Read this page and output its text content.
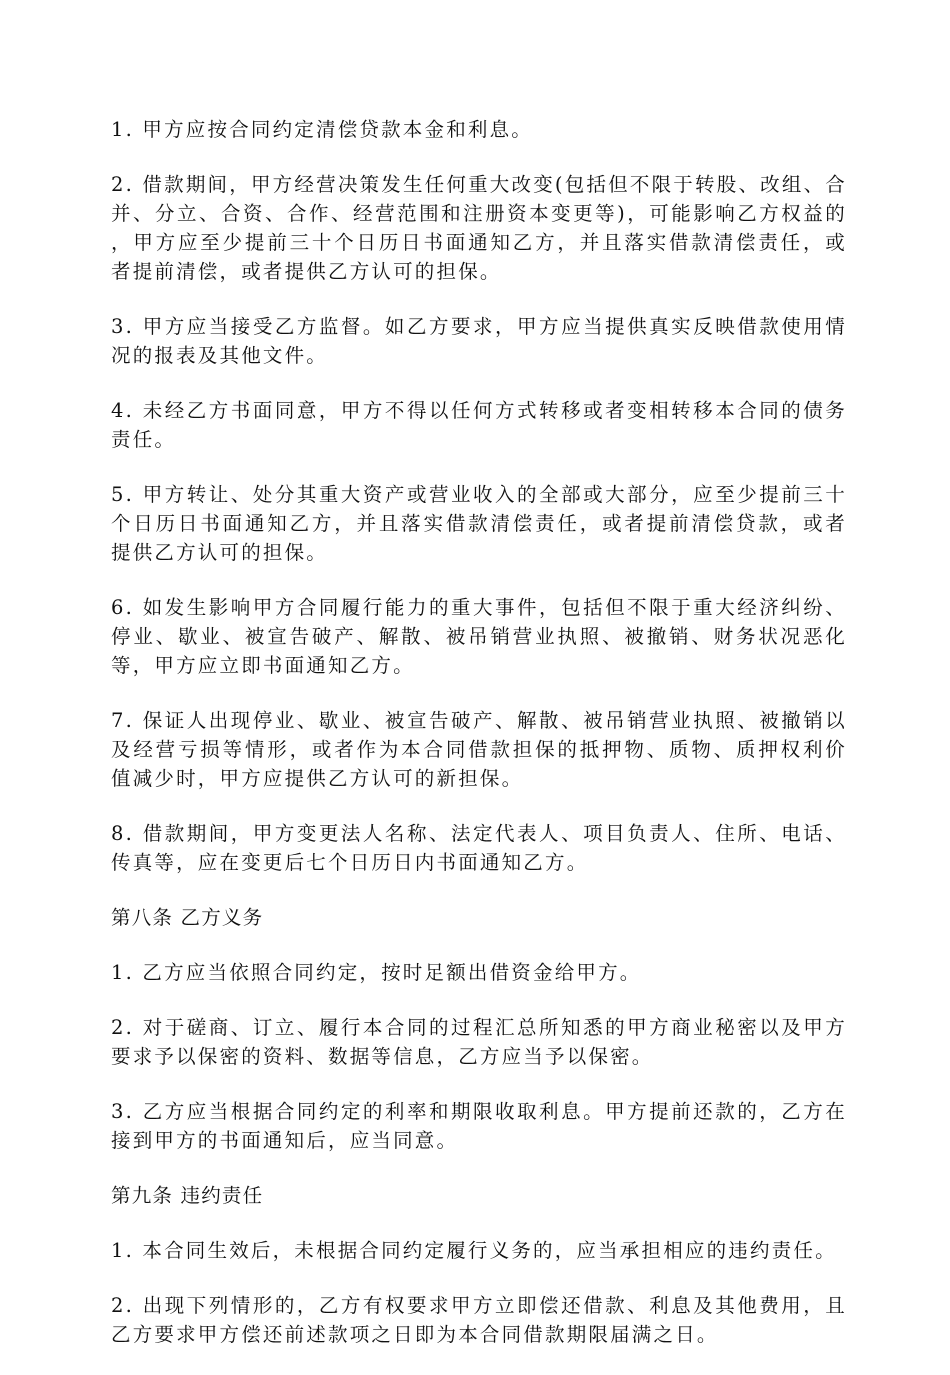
1. 甲方应按合同约定清偿贷款本金和利息。

2. 借款期间，甲方经营决策发生任何重大改变(包括但不限于转股、改组、合并、分立、合资、合作、经营范围和注册资本变更等)，可能影响乙方权益的 ，甲方应至少提前三十个日历日书面通知乙方，并且落实借款清偿责任，或者提前清偿，或者提供乙方认可的担保。

3. 甲方应当接受乙方监督。如乙方要求，甲方应当提供真实反映借款使用情况的报表及其他文件。

4. 未经乙方书面同意，甲方不得以任何方式转移或者变相转移本合同的债务责任。

5. 甲方转让、处分其重大资产或营业收入的全部或大部分，应至少提前三十个日历日书面通知乙方，并且落实借款清偿责任，或者提前清偿贷款，或者提供乙方认可的担保。

6. 如发生影响甲方合同履行能力的重大事件，包括但不限于重大经济纠纷、停业、歇业、被宣告破产、解散、被吊销营业执照、被撤销、财务状况恶化等，甲方应立即书面通知乙方。

7. 保证人出现停业、歇业、被宣告破产、解散、被吊销营业执照、被撤销以及经营亏损等情形，或者作为本合同借款担保的抵押物、质物、质押权利价值减少时，甲方应提供乙方认可的新担保。

8. 借款期间，甲方变更法人名称、法定代表人、项目负责人、住所、电话、传真等，应在变更后七个日历日内书面通知乙方。

第八条 乙方义务

1. 乙方应当依照合同约定，按时足额出借资金给甲方。

2. 对于磋商、订立、履行本合同的过程汇总所知悉的甲方商业秘密以及甲方要求予以保密的资料、数据等信息，乙方应当予以保密。

3. 乙方应当根据合同约定的利率和期限收取利息。甲方提前还款的，乙方在接到甲方的书面通知后，应当同意。

第九条 违约责任

1. 本合同生效后，未根据合同约定履行义务的，应当承担相应的违约责任。

2. 出现下列情形的，乙方有权要求甲方立即偿还借款、利息及其他费用，且乙方要求甲方偿还前述款项之日即为本合同借款期限届满之日。
